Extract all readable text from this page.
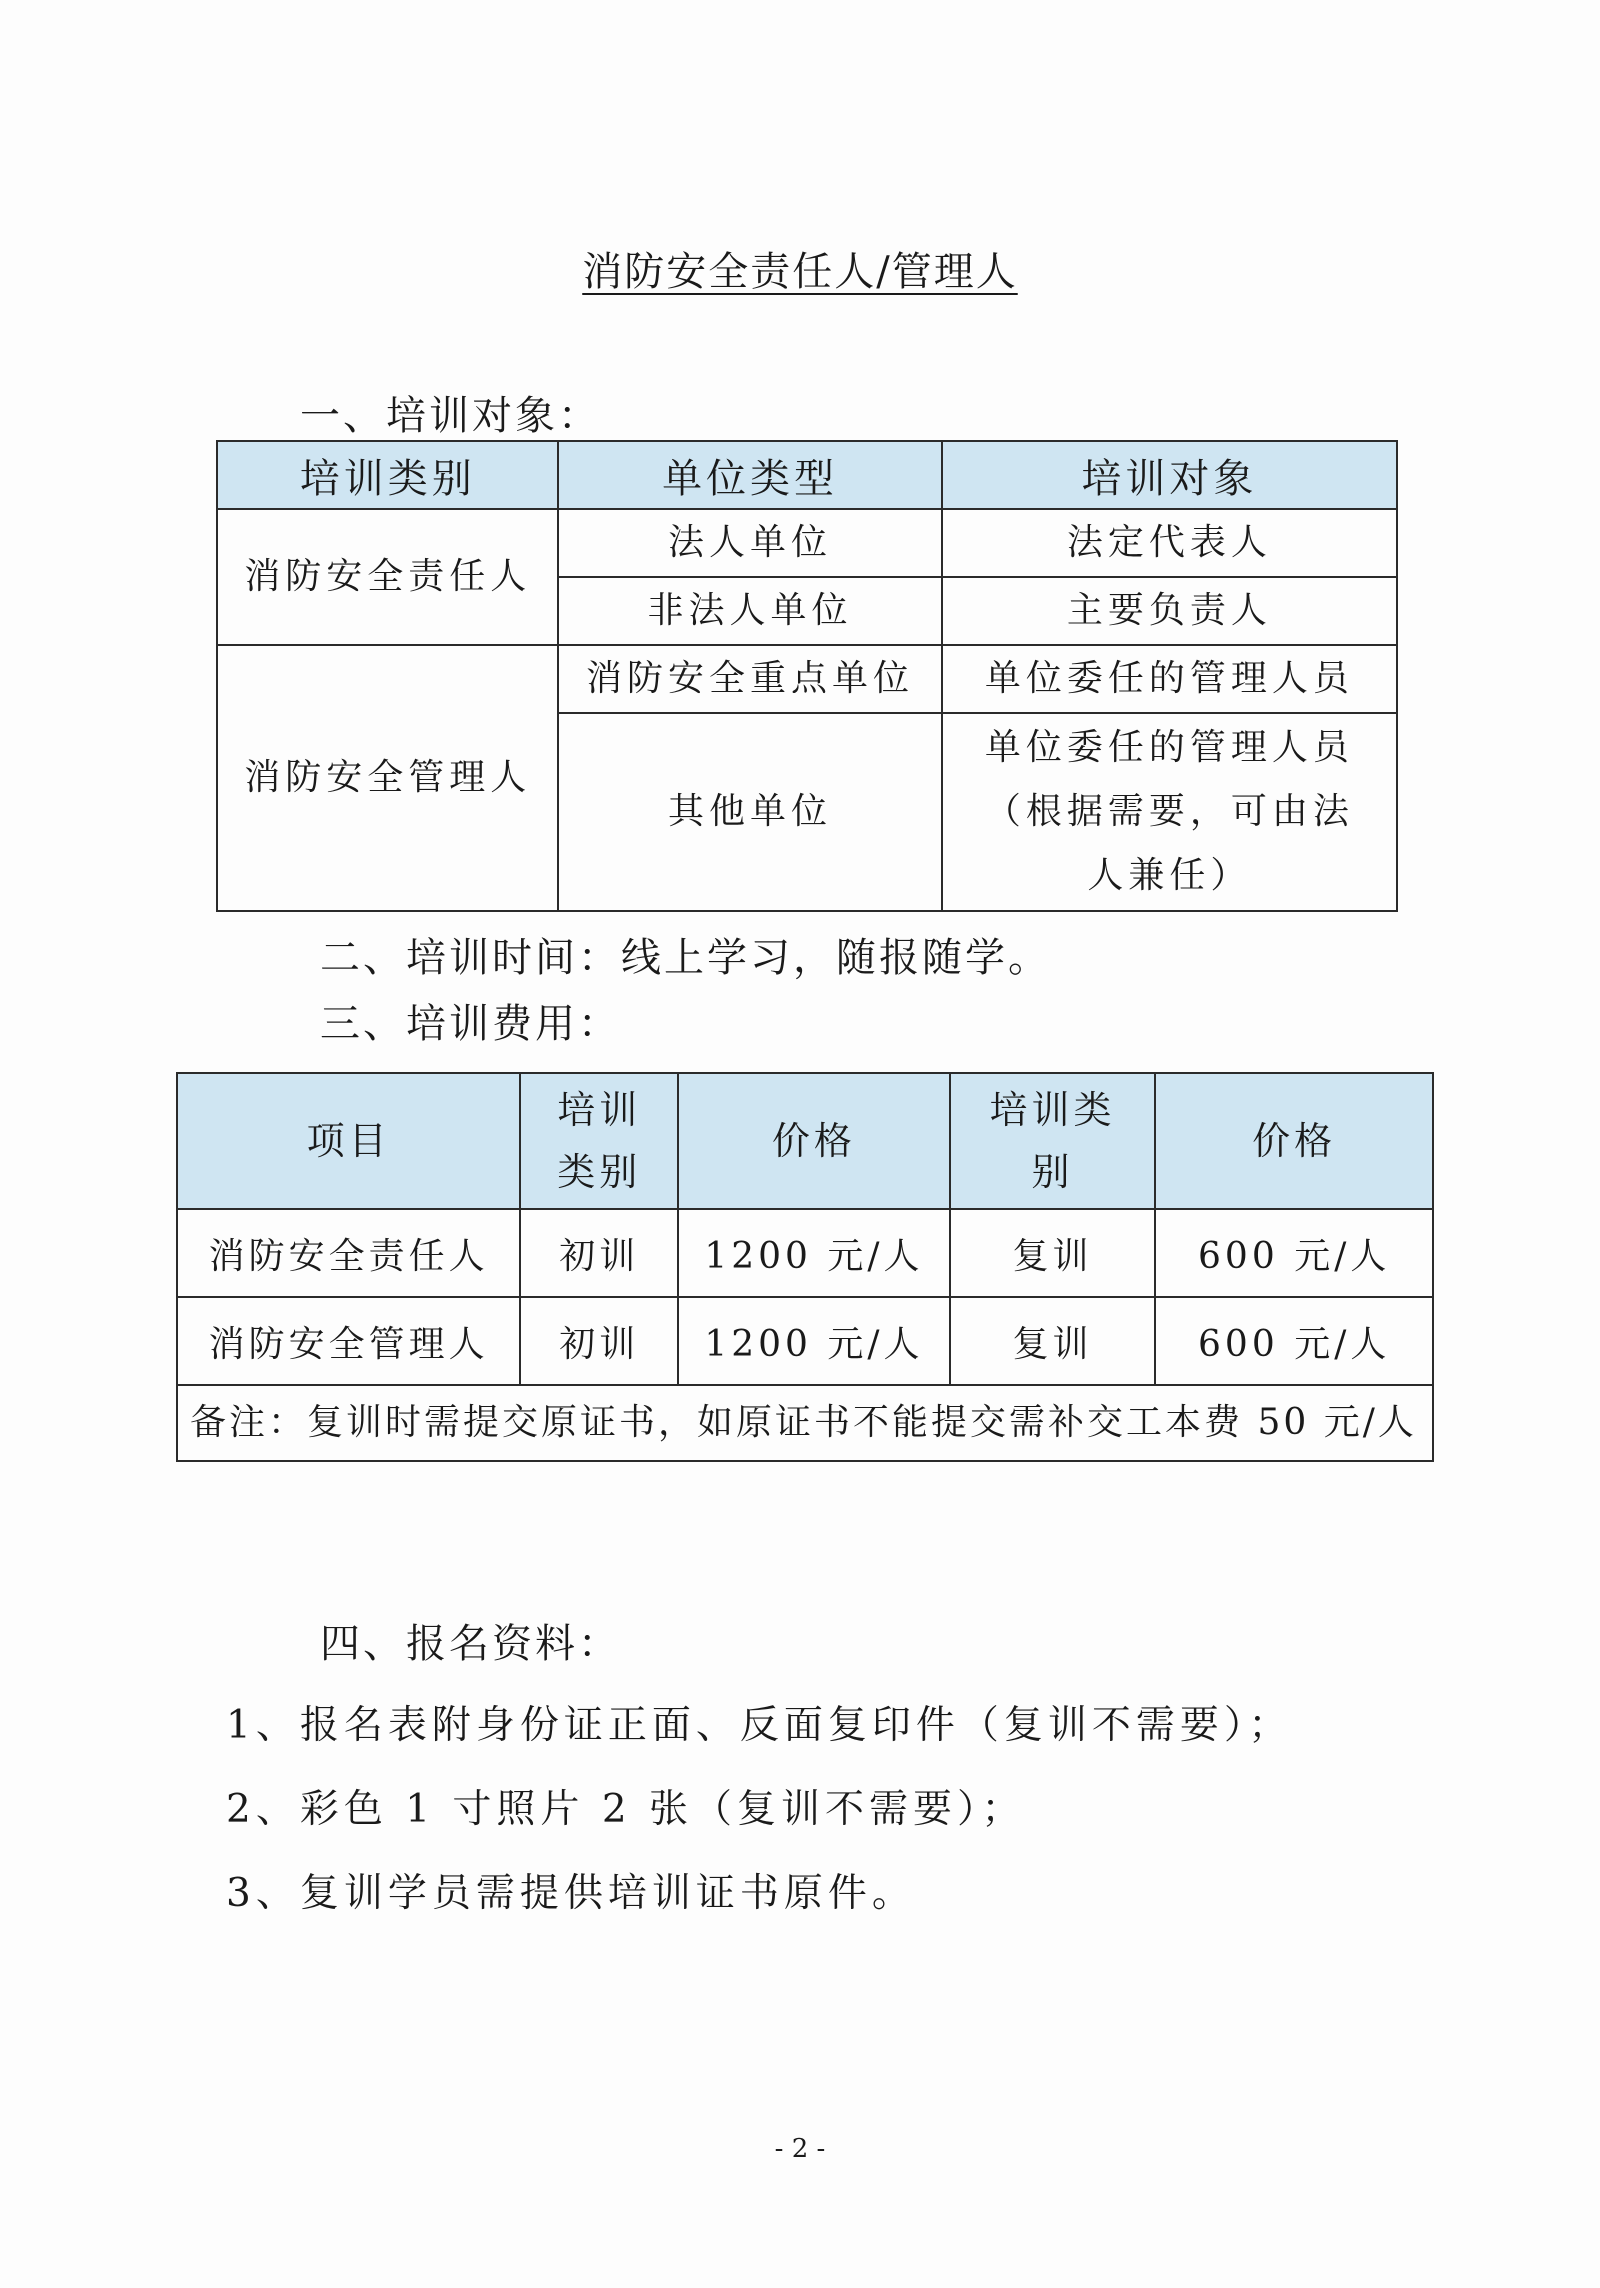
消防安全责任人/管理人
一、培训对象：
培训类别	单位类型	培训对象
消防安全责任人	法人单位	法定代表人
	非法人单位	主要负责人
消防安全管理人	消防安全重点单位	单位委任的管理人员
	其他单位	单位委任的管理人员（根据需要，可由法人兼任）
二、培训时间：线上学习，随报随学。
三、培训费用：
项目	培训类别	价格	培训类别	价格
消防安全责任人	初训	1200 元/人	复训	600 元/人
消防安全管理人	初训	1200 元/人	复训	600 元/人
备注：复训时需提交原证书，如原证书不能提交需补交工本费 50 元/人				
四、报名资料：
1、报名表附身份证正面、反面复印件（复训不需要）；
2、彩色 1 寸照片 2 张（复训不需要）；
3、复训学员需提供培训证书原件。
- 2 -
